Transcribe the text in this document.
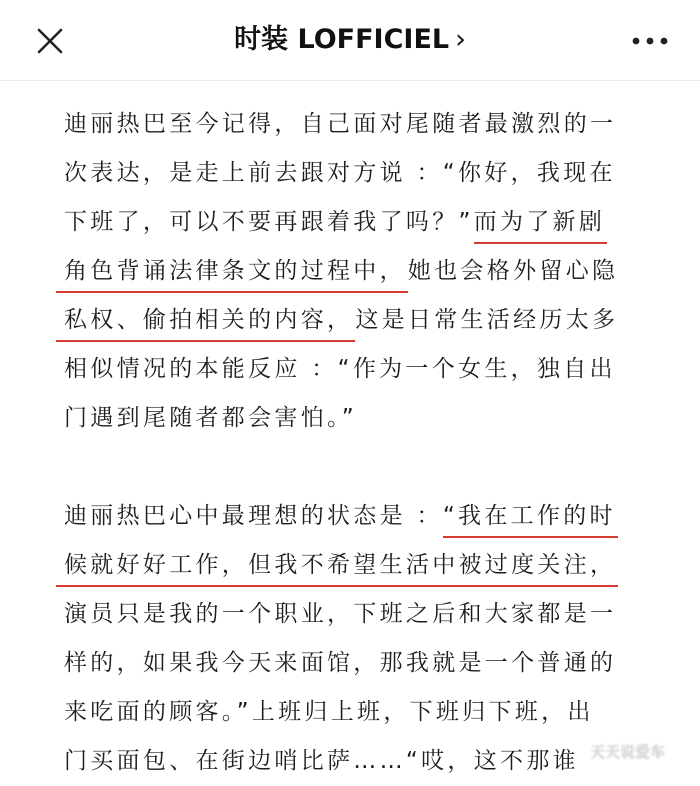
时装 LOFFICIEL ›
迪丽热巴至今记得，自己面对尾随者最激烈的一
次表达，是走上前去跟对方说 ：“你好，我现在
下班了，可以不要再跟着我了吗？”而为了新剧
角色背诵法律条文的过程中，她也会格外留心隐
私权、偷拍相关的内容，这是日常生活经历太多
相似情况的本能反应 ：“作为一个女生，独自出
门遇到尾随者都会害怕。”
迪丽热巴心中最理想的状态是 ：“我在工作的时
候就好好工作，但我不希望生活中被过度关注，
演员只是我的一个职业，下班之后和大家都是一
样的，如果我今天来面馆，那我就是一个普通的
来吃面的顾客。”上班归上班，下班归下班，出
门买面包、在街边哨比萨……“哎，这不那谁 天天说爱车
